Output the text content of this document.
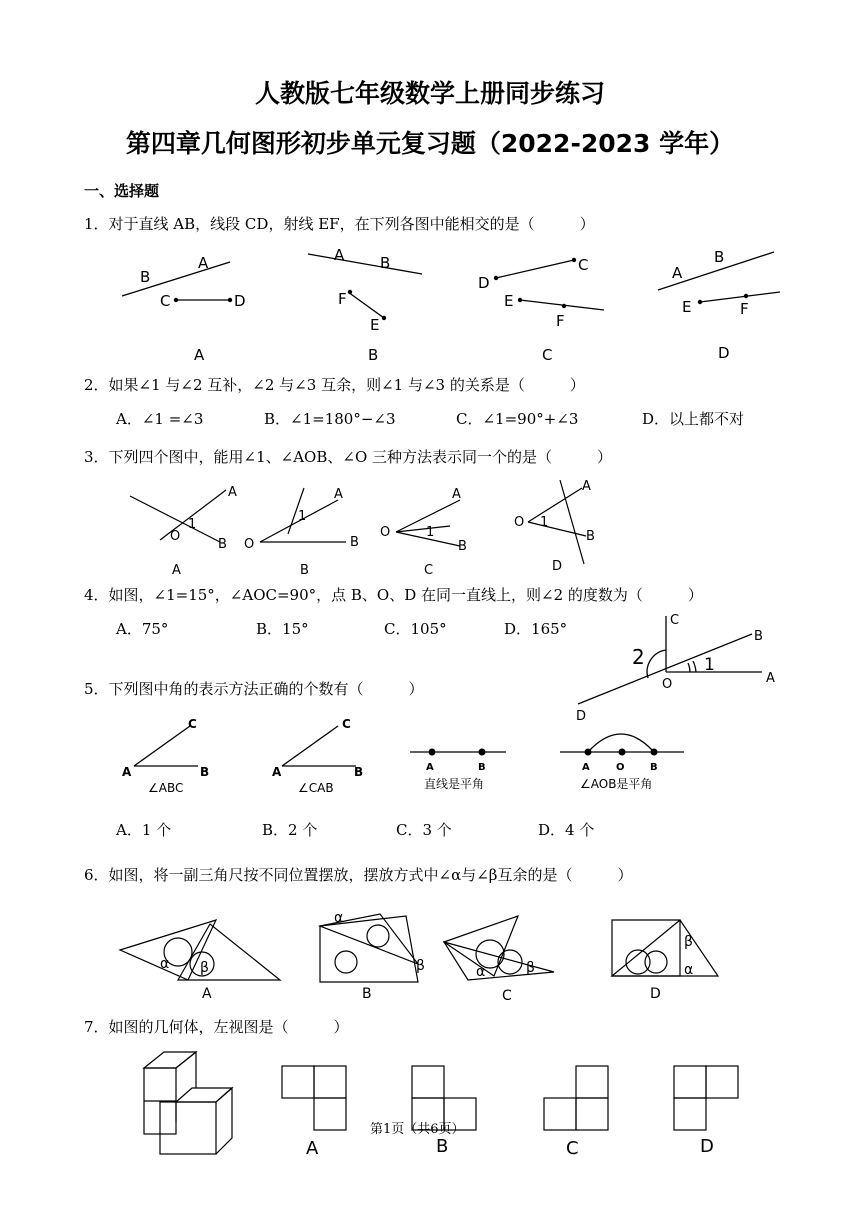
人教版七年级数学上册同步练习
第四章几何图形初步单元复习题（2022-2023 学年）
一、选择题
1．对于直线 AB，线段 CD，射线 EF，在下列各图中能相交的是（　　　）
B
A
C	D
A
A B
F
E
B
D
C
E
F
C
A
B
E	F
D
2．如果∠1 与∠2 互补，∠2 与∠3 互余，则∠1 与∠3 的关系是（　　　）
A．∠1 =∠3	B．∠1=180°−∠3	C．∠1=90°+∠3	D．以上都不对
3．下列四个图中，能用∠1、∠AOB、∠O 三种方法表示同一个的是（　　　）
A
B
O
1
A
O
A
B
1
B
O
A
B
1
C
O
A
B
1
D
4．如图，∠1=15°，∠AOC=90°，点 B、O、D 在同一直线上，则∠2 的度数为（　　　）
A．75°	B．15°	C．105°	D．165°	C
B
2	1
O	A
D
5．下列图中角的表示方法正确的个数有（　　　）
C
A	B
C
A	B	A	B	A	O	B
∠ABC	∠CAB	直线是平角	∠AOB是平角
A．1 个	B．2 个	C．3 个	D．4 个
6．如图，将一副三角尺按不同位置摆放，摆放方式中∠α与∠β互余的是（　　　）
α β
A
α
β
B
α	β
C
β
α
D
7．如图的几何体，左视图是（　　　）
A	B	C	D
第1页（共6页）
